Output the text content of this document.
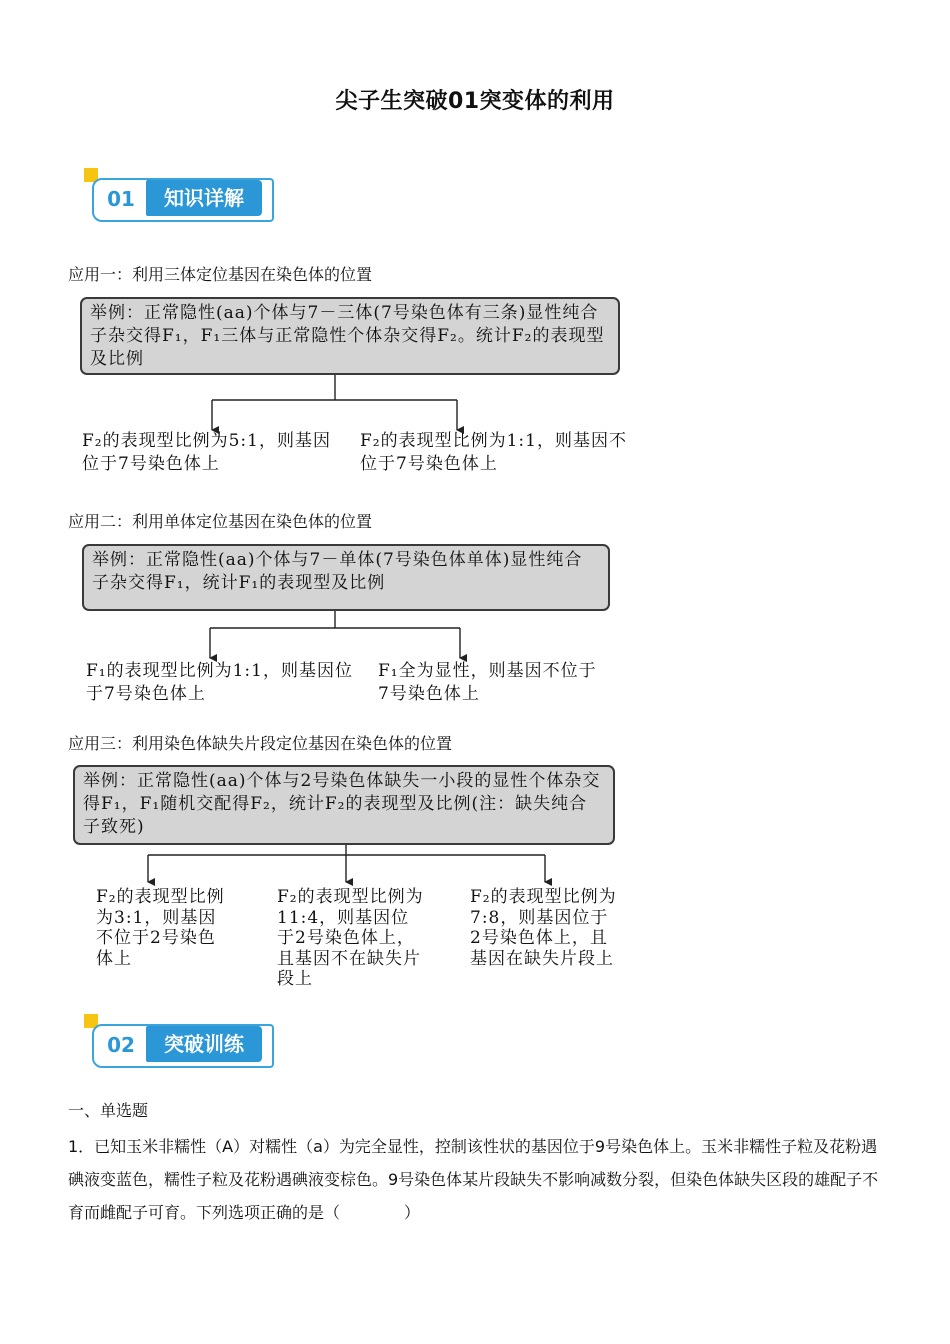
尖子生突破01突变体的利用
01	知识详解
应用一：利用三体定位基因在染色体的位置
举例：正常隐性(aa)个体与7－三体(7号染色体有三条)显性纯合子杂交得F₁，F₁三体与正常隐性个体杂交得F₂。统计F₂的表现型及比例
F₂的表现型比例为5:1，则基因位于7号染色体上
F₂的表现型比例为1:1，则基因不位于7号染色体上
应用二：利用单体定位基因在染色体的位置
举例：正常隐性(aa)个体与7－单体(7号染色体单体)显性纯合子杂交得F₁，统计F₁的表现型及比例
F₁的表现型比例为1:1，则基因位于7号染色体上
F₁全为显性，则基因不位于7号染色体上
应用三：利用染色体缺失片段定位基因在染色体的位置
举例：正常隐性(aa)个体与2号染色体缺失一小段的显性个体杂交得F₁，F₁随机交配得F₂，统计F₂的表现型及比例(注：缺失纯合子致死)
F₂的表现型比例为3:1，则基因不位于2号染色体上
F₂的表现型比例为11:4，则基因位于2号染色体上，且基因不在缺失片段上
F₂的表现型比例为7:8，则基因位于2号染色体上，且基因在缺失片段上
02	突破训练
一、单选题
1．已知玉米非糯性（A）对糯性（a）为完全显性，控制该性状的基因位于9号染色体上。玉米非糯性子粒及花粉遇碘液变蓝色，糯性子粒及花粉遇碘液变棕色。9号染色体某片段缺失不影响减数分裂，但染色体缺失区段的雄配子不育而雌配子可育。下列选项正确的是（　　　　）
